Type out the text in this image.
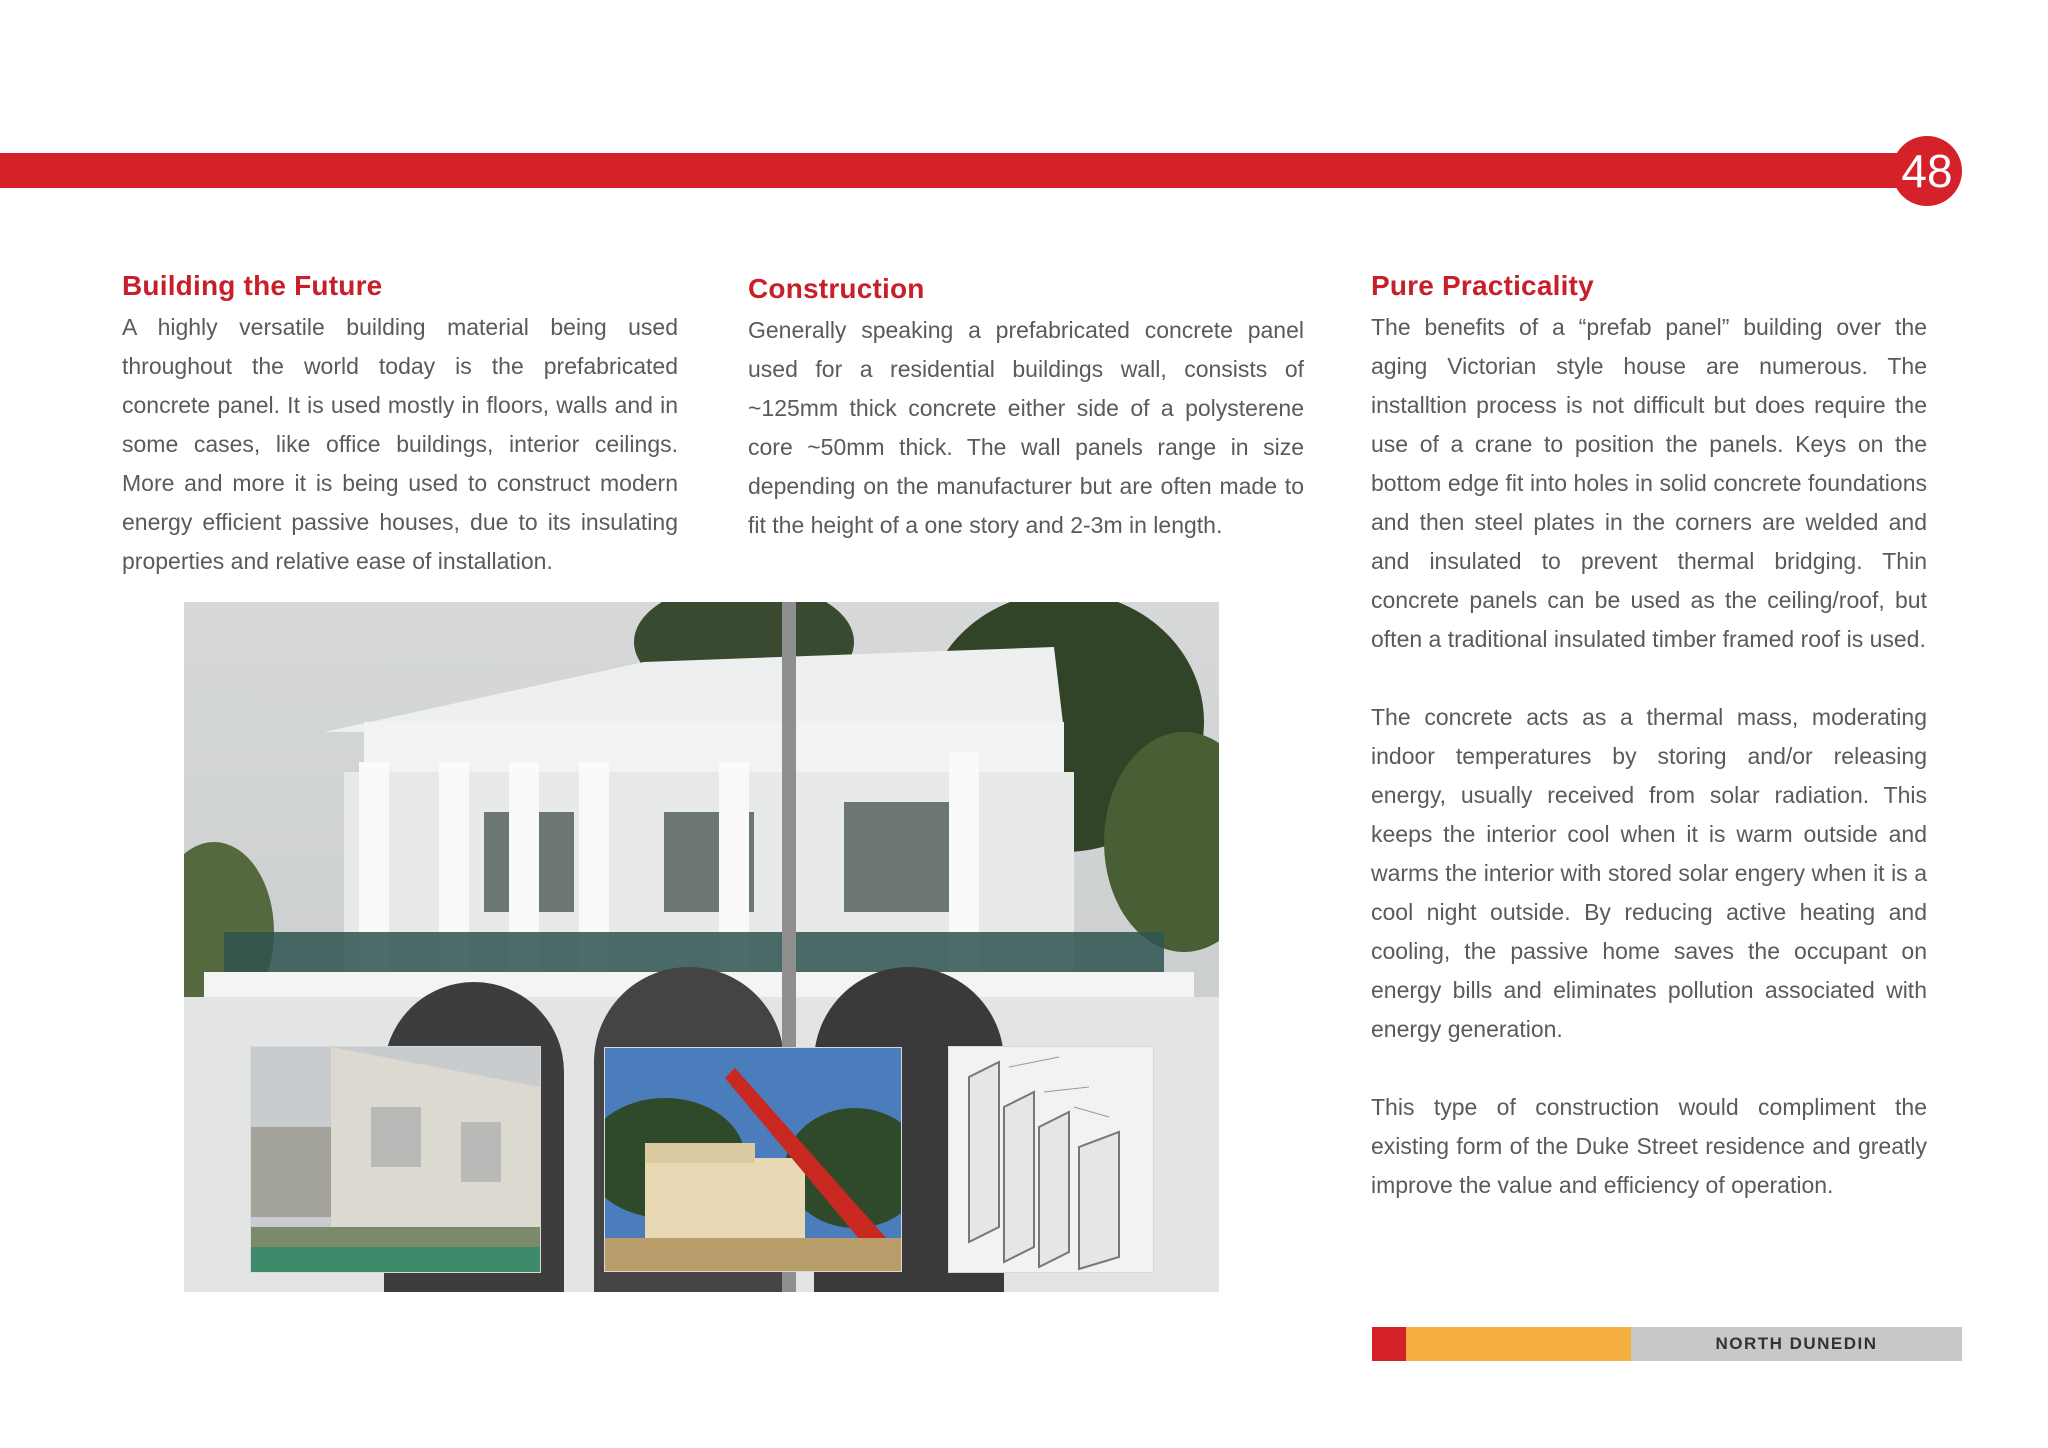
48
Building the Future

A highly versatile building material being used throughout the world today is the prefabricated concrete panel. It is used mostly in floors, walls and in some cases, like office buildings, interior ceilings. More and more it is being used to construct modern energy efficient passive houses, due to its insulating properties and relative ease of installation.

Construction

Generally speaking a prefabricated concrete panel used for a residential buildings wall, consists of ~125mm thick concrete either side of a polysterene core ~50mm thick. The wall panels range in size depending on the manufacturer but are often made to fit the height of a one story and 2-3m in length.

Pure Practicality

The benefits of a “prefab panel” building over the aging Victorian style house are numerous. The installtion process is not difficult but does require the use of a crane to position the panels. Keys on the bottom edge fit into holes in solid concrete foundations and then steel plates in the corners are welded and and insulated to prevent thermal bridging. Thin concrete panels can be used as the ceiling/roof, but often a traditional insulated timber framed roof is used.

The concrete acts as a thermal mass, moderating indoor temperatures by storing and/or releasing energy, usually received from solar radiation. This keeps the interior cool when it is warm outside and warms the interior with stored solar engery when it is a cool night outside. By reducing active heating and cooling, the passive home saves the occupant on energy bills and eliminates pollution associated with energy generation.

This type of construction would compliment the existing form of the Duke Street residence and greatly improve the value and efficiency of operation.

NORTH DUNEDIN
